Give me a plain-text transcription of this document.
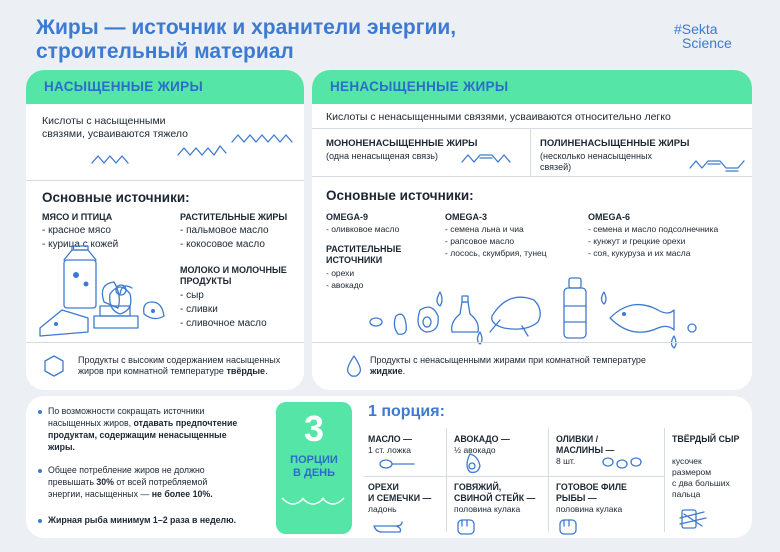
Жиры — источник и хранители энергии,
строительный материал
#Sekta
Science
НАСЫЩЕННЫЕ ЖИРЫ
Кислоты с насыщенными
связями, усваиваются тяжело
Основные источники:
МЯСО И ПТИЦА
- красное мясо
- курица с кожей
РАСТИТЕЛЬНЫЕ ЖИРЫ
- пальмовое масло
- кокосовое масло
МОЛОКО И МОЛОЧНЫЕ
ПРОДУКТЫ
- сыр
- сливки
- сливочное масло
Продукты с высоким содержанием насыщенных
жиров при комнатной температуре твёрдые.
НЕНАСЫЩЕННЫЕ ЖИРЫ
Кислоты с ненасыщенными связями, усваиваются относительно легко
МОНОНЕНАСЫЩЕННЫЕ ЖИРЫ
(одна ненасыщеная связь)
ПОЛИНЕНАСЫЩЕННЫЕ ЖИРЫ
(несколько ненасыщенных
связей)
Основные источники:
OMEGA-9
- оливковое масло
РАСТИТЕЛЬНЫЕ
ИСТОЧНИКИ
- орехи
- авокадо
OMEGA-3
- семена льна и чиа
- рапсовое масло
- лосось, скумбрия, тунец
OMEGA-6
- семена и масло подсолнечника
- кунжут и грецкие орехи
- соя, кукуруза и их масла
Продукты с ненасыщенными жирами при комнатной температуре
жидкие.
По возможности сокращать источники
насыщенных жиров, отдавать предпочтение
продуктам, содержащим ненасыщенные
жиры.
Общее потребление жиров не должно
превышать 30% от всей потребляемой
энергии, насыщенных — не более 10%.
Жирная рыба минимум 1–2 раза в неделю.
3
ПОРЦИИ
В ДЕНЬ
1 порция:
МАСЛО —
1 ст. ложка
АВОКАДО —
½ авокадо
ОЛИВКИ /
МАСЛИНЫ —
8 шт.
ТВЁРДЫЙ СЫР
кусочек
размером
с два больших
пальца
ОРЕХИ
И СЕМЕЧКИ —
ладонь
ГОВЯЖИЙ,
СВИНОЙ СТЕЙК —
половина кулака
ГОТОВОЕ ФИЛЕ
РЫБЫ —
половина кулака
